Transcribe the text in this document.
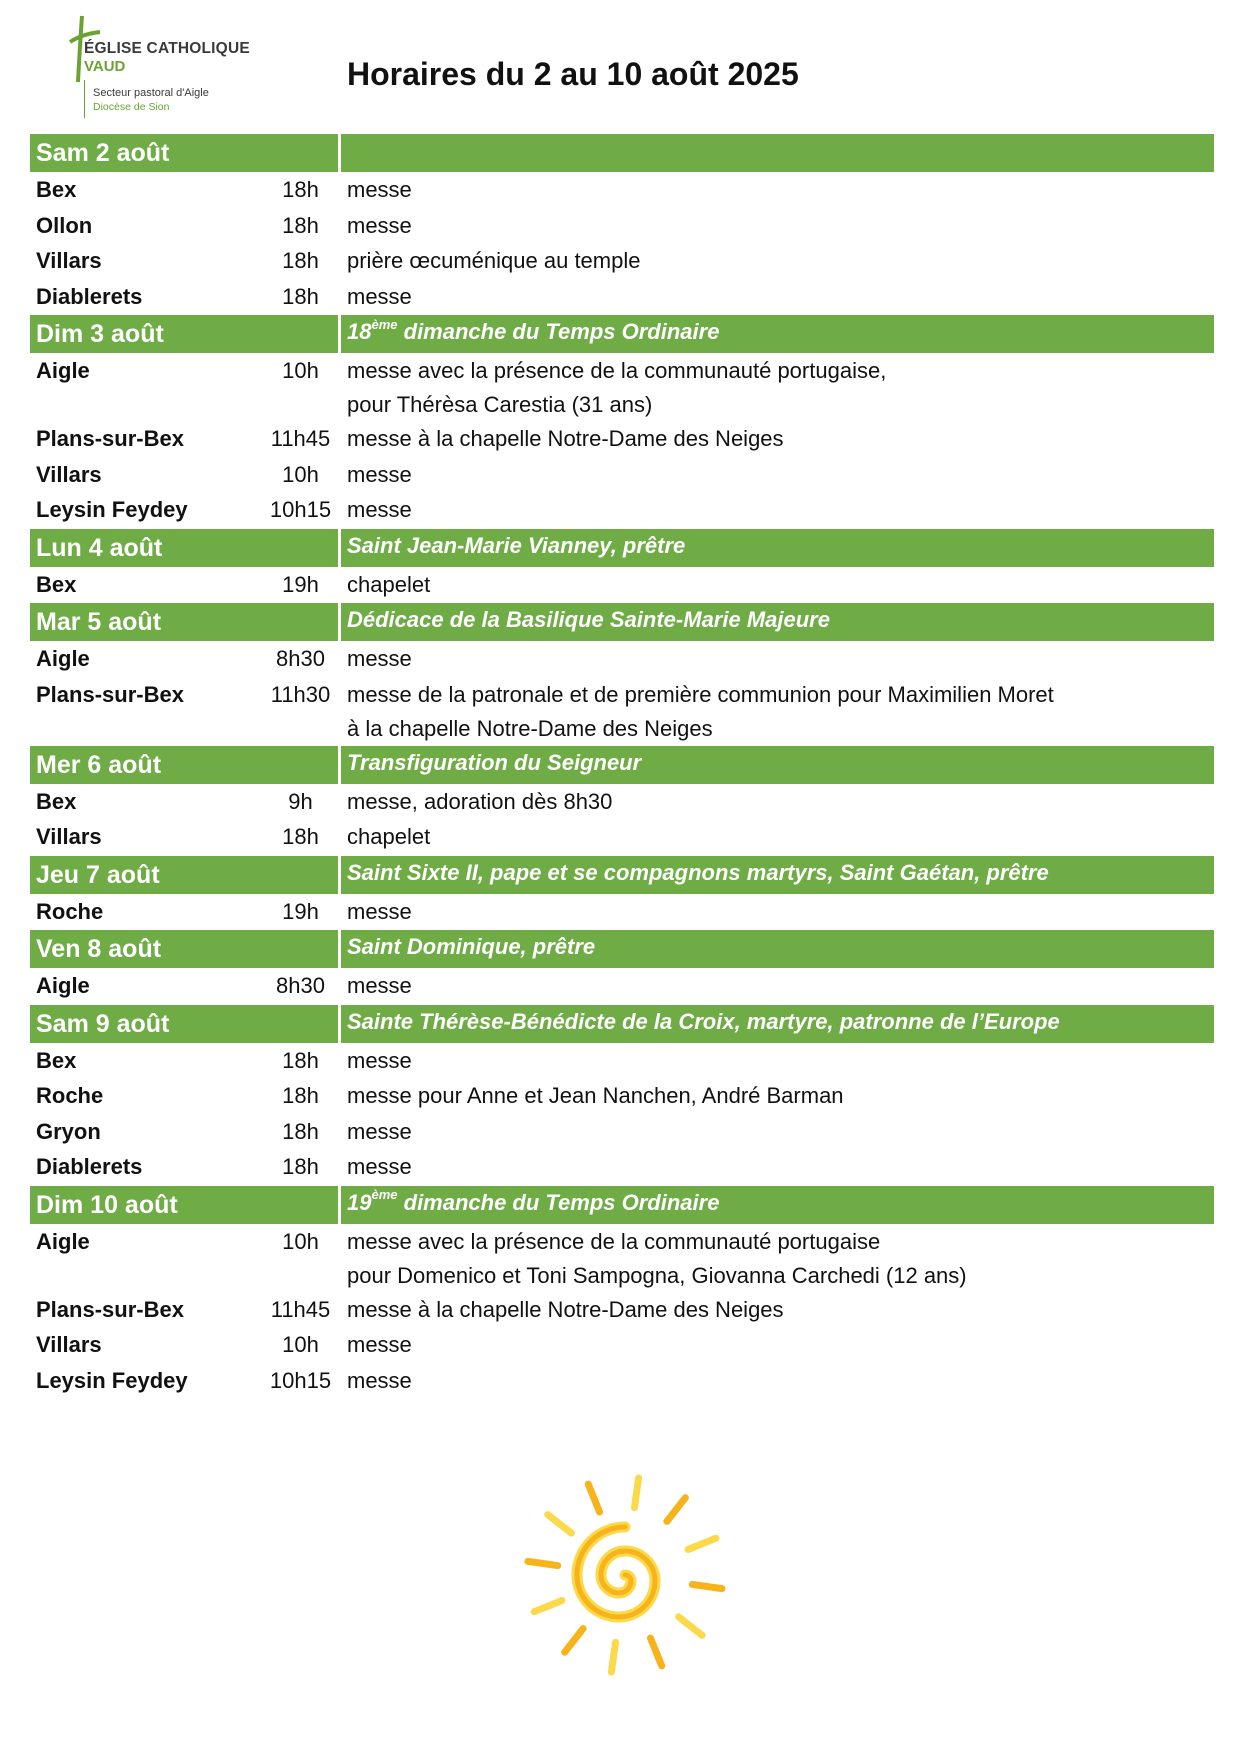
ÉGLISE CATHOLIQUE
VAUD
Secteur pastoral d'Aigle
Diocèse de Sion
Horaires du 2 au 10 août 2025
Sam 2 août
Bex	18h	messe
Ollon	18h	messe
Villars	18h	prière œcuménique au temple
Diablerets	18h	messe
Dim 3 août	18ème dimanche du Temps Ordinaire
Aigle	10h	messe avec la présence de la communauté portugaise,
pour Thérèsa Carestia (31 ans)
Plans-sur-Bex	11h45 messe à la chapelle Notre-Dame des Neiges
Villars	10h	messe
Leysin Feydey	10h15 messe
Lun 4 août	Saint Jean-Marie Vianney, prêtre
Bex	19h	chapelet
Mar 5 août	Dédicace de la Basilique Sainte-Marie Majeure
Aigle	8h30	messe
Plans-sur-Bex	11h30 messe de la patronale et de première communion pour Maximilien Moret
à la chapelle Notre-Dame des Neiges
Mer 6 août	Transfiguration du Seigneur
Bex	9h	messe, adoration dès 8h30
Villars	18h	chapelet
Jeu 7 août	Saint Sixte II, pape et se compagnons martyrs, Saint Gaétan, prêtre
Roche	19h	messe
Ven 8 août	Saint Dominique, prêtre
Aigle	8h30	messe
Sam 9 août	Sainte Thérèse-Bénédicte de la Croix, martyre, patronne de l’Europe
Bex	18h	messe
Roche	18h	messe pour Anne et Jean Nanchen, André Barman
Gryon	18h	messe
Diablerets	18h	messe
Dim 10 août	19ème dimanche du Temps Ordinaire
Aigle	10h	messe avec la présence de la communauté portugaise
pour Domenico et Toni Sampogna, Giovanna Carchedi (12 ans)
Plans-sur-Bex	11h45 messe à la chapelle Notre-Dame des Neiges
Villars	10h	messe
Leysin Feydey	10h15 messe
